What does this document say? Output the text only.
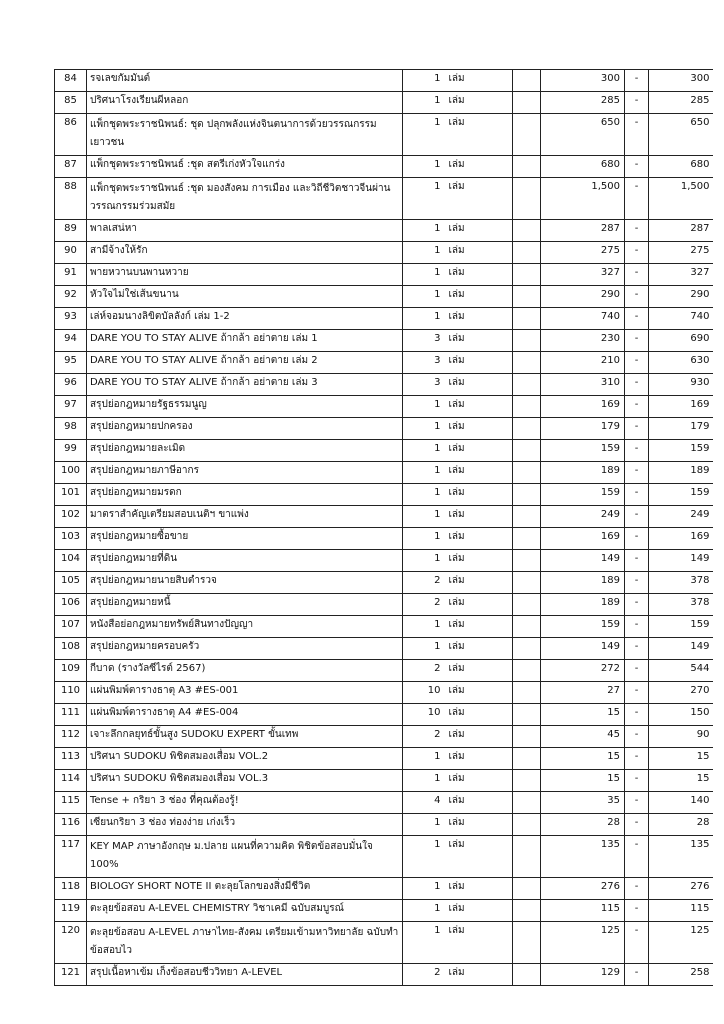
84	รจเลขกัมมันต์	1	เล่ม		300	-	300	
85	ปริศนาโรงเรียนผีหลอก	1	เล่ม		285	-	285	
86	แพ็กชุดพระราชนิพนธ์: ชุด ปลุกพลังแห่งจินตนาการด้วยวรรณกรรมเยาวชน	1	เล่ม		650	-	650	
87	แพ็กชุดพระราชนิพนธ์ :ชุด สตรีเก่งหัวใจแกร่ง	1	เล่ม		680	-	680	
88	แพ็กชุดพระราชนิพนธ์ :ชุด มองสังคม การเมือง และวิถีชีวิตชาวจีนผ่านวรรณกรรมร่วมสมัย	1	เล่ม		1,500	-	1,500	
89	พาลเสน่หา	1	เล่ม		287	-	287	
90	สามีจ้างให้รัก	1	เล่ม		275	-	275	
91	พายหวานบนพานหวาย	1	เล่ม		327	-	327	
92	หัวใจไม่ใช่เส้นขนาน	1	เล่ม		290	-	290	
93	เล่ห์จอมนางลิขิตบัลลังก์ เล่ม 1-2	1	เล่ม		740	-	740	
94	DARE YOU TO STAY ALIVE ถ้ากล้า อย่าตาย เล่ม 1	3	เล่ม		230	-	690	
95	DARE YOU TO STAY ALIVE ถ้ากล้า อย่าตาย เล่ม 2	3	เล่ม		210	-	630	
96	DARE YOU TO STAY ALIVE ถ้ากล้า อย่าตาย เล่ม 3	3	เล่ม		310	-	930	
97	สรุปย่อกฎหมายรัฐธรรมนูญ	1	เล่ม		169	-	169	
98	สรุปย่อกฎหมายปกครอง	1	เล่ม		179	-	179	
99	สรุปย่อกฎหมายละเมิด	1	เล่ม		159	-	159	
100	สรุปย่อกฎหมายภาษีอากร	1	เล่ม		189	-	189	
101	สรุปย่อกฎหมายมรดก	1	เล่ม		159	-	159	
102	มาตราสำคัญเตรียมสอบเนติฯ ขาแพ่ง	1	เล่ม		249	-	249	
103	สรุปย่อกฎหมายซื้อขาย	1	เล่ม		169	-	169	
104	สรุปย่อกฎหมายที่ดิน	1	เล่ม		149	-	149	
105	สรุปย่อกฎหมายนายสิบตำรวจ	2	เล่ม		189	-	378	
106	สรุปย่อกฎหมายหนี้	2	เล่ม		189	-	378	
107	หนังสือย่อกฎหมายทรัพย์สินทางปัญญา	1	เล่ม		159	-	159	
108	สรุปย่อกฎหมายครอบครัว	1	เล่ม		149	-	149	
109	กีบาด (รางวัลซีไรต์ 2567)	2	เล่ม		272	-	544	
110	แผ่นพิมพ์ตารางธาตุ A3 #ES-001	10	เล่ม		27	-	270	
111	แผ่นพิมพ์ตารางธาตุ A4 #ES-004	10	เล่ม		15	-	150	
112	เจาะลึกกลยุทธ์ขั้นสูง SUDOKU EXPERT ขั้นเทพ	2	เล่ม		45	-	90	
113	ปริศนา SUDOKU พิชิตสมองเสื่อม VOL.2	1	เล่ม		15	-	15	
114	ปริศนา SUDOKU พิชิตสมองเสื่อม VOL.3	1	เล่ม		15	-	15	
115	Tense + กริยา 3 ช่อง ที่คุณต้องรู้!	4	เล่ม		35	-	140	
116	เซียนกริยา 3 ช่อง ท่องง่าย เก่งเร็ว	1	เล่ม		28	-	28	
117	KEY MAP ภาษาอังกฤษ ม.ปลาย แผนที่ความคิด พิชิตข้อสอบมั่นใจ 100%	1	เล่ม		135	-	135	
118	BIOLOGY SHORT NOTE II ตะลุยโลกของสิ่งมีชีวิต	1	เล่ม		276	-	276	
119	ตะลุยข้อสอบ A-LEVEL CHEMISTRY วิชาเคมี ฉบับสมบูรณ์	1	เล่ม		115	-	115	
120	ตะลุยข้อสอบ A-LEVEL ภาษาไทย-สังคม เตรียมเข้ามหาวิทยาลัย ฉบับทำข้อสอบไว	1	เล่ม		125	-	125	
121	สรุปเนื้อหาเข้ม เก็งข้อสอบชีววิทยา A-LEVEL	2	เล่ม		129	-	258	
